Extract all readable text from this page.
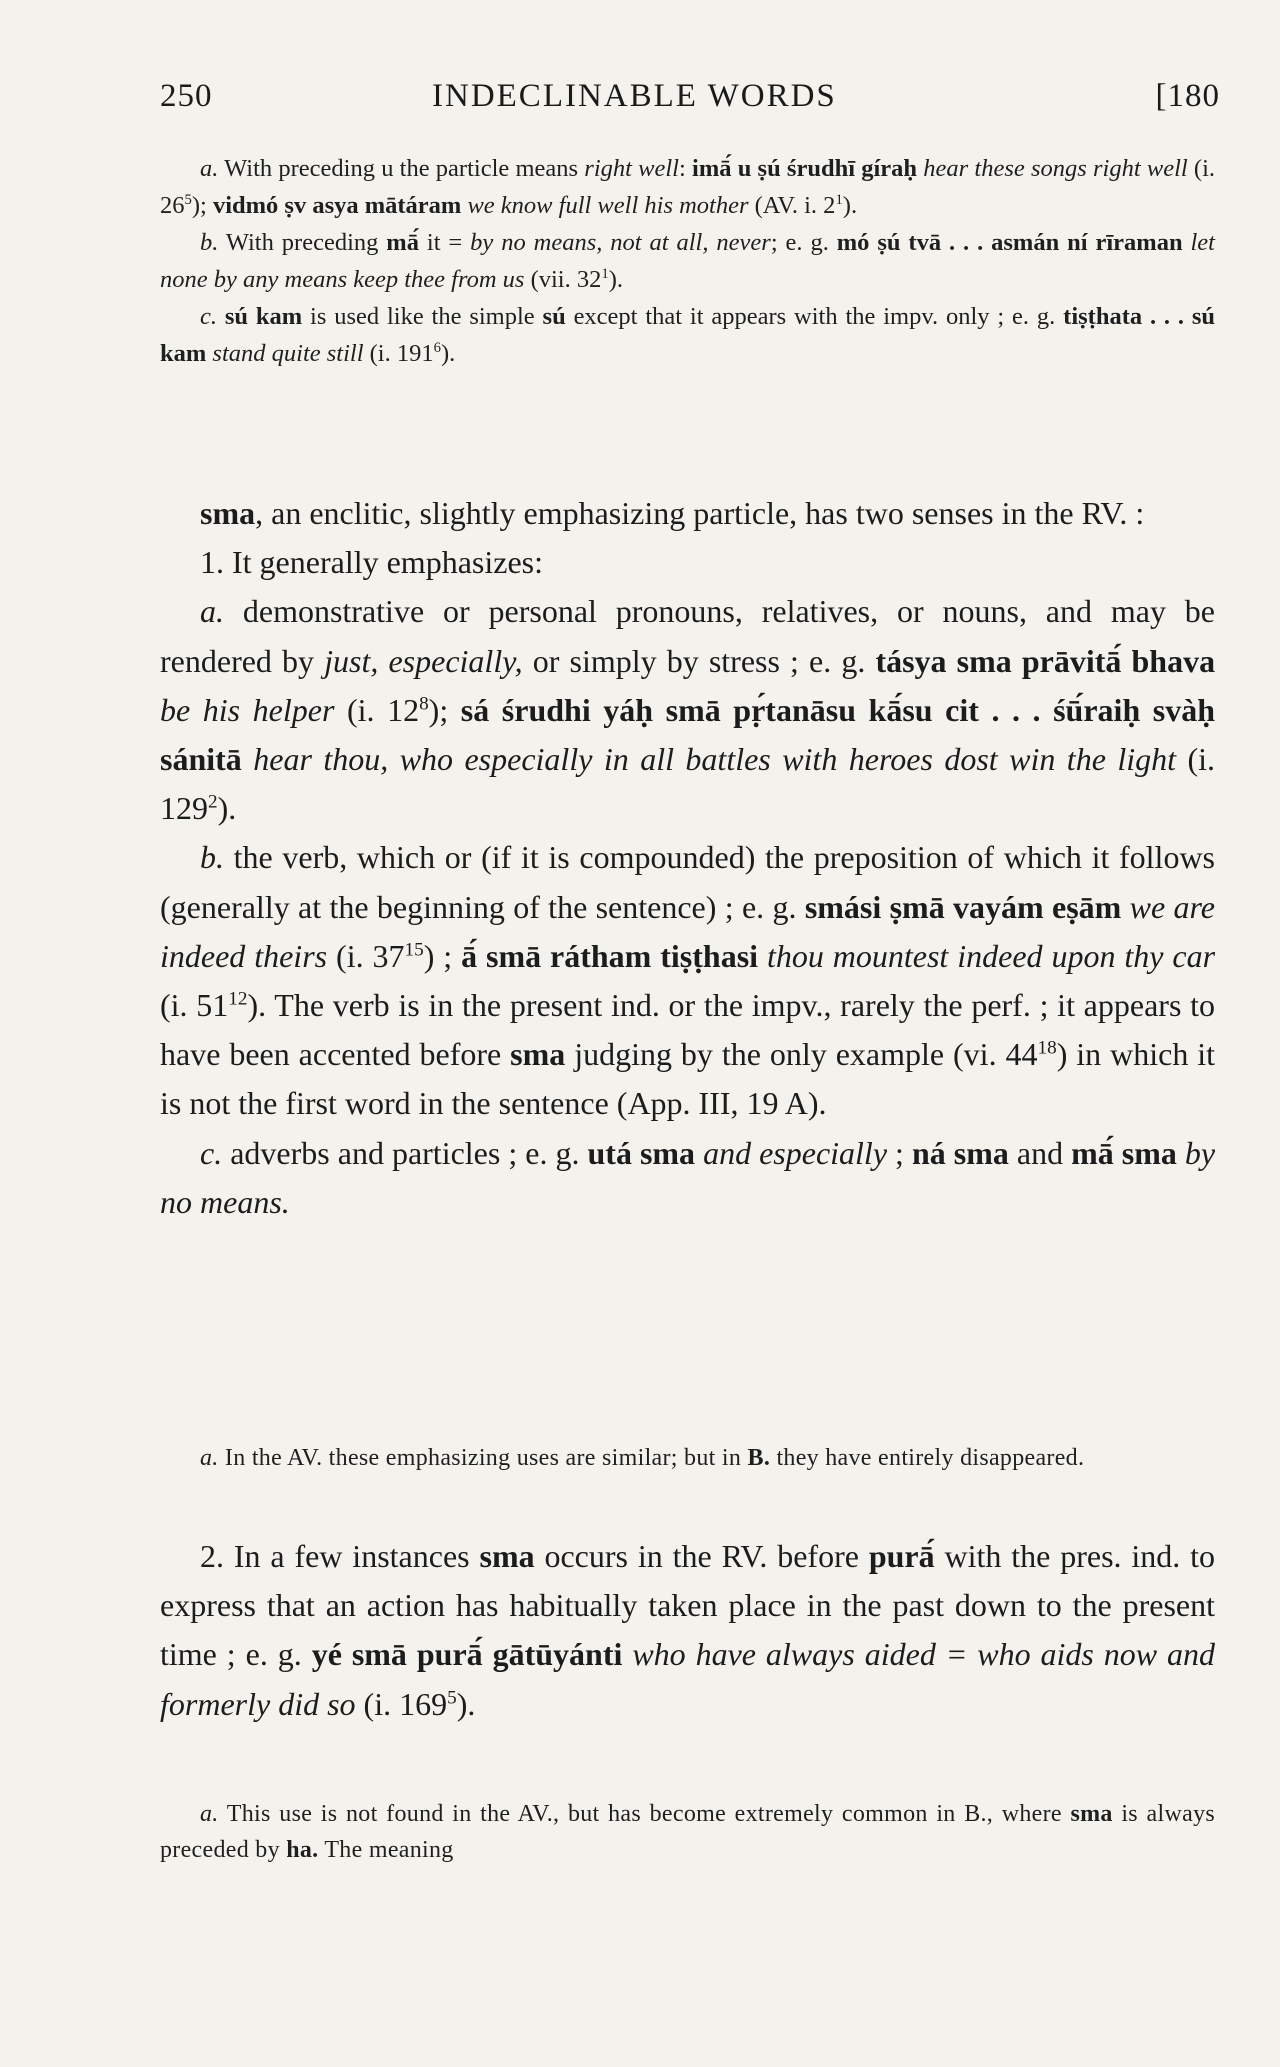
250	INDECLINABLE WORDS	[180

a. With preceding u the particle means right well: imā́ u ṣú śrudhī gíraḥ hear these songs right well (i. $26^5$); vidmó ṣv asya mātáram we know full well his mother (AV. i. $2^1$).

b. With preceding mā́ it = by no means, not at all, never; e. g. mó ṣú tvā . . . asmán ní rīraman let none by any means keep thee from us (vii. $32^1$).

c. sú kam is used like the simple sú except that it appears with the impv. only ; e. g. tiṣṭhata . . . sú kam stand quite still (i. $191^6$).

sma, an enclitic, slightly emphasizing particle, has two senses in the RV. :

1. It generally emphasizes:

a. demonstrative or personal pronouns, relatives, or nouns, and may be rendered by just, especially, or simply by stress ; e. g. tásya sma prāvitā́ bhava be his helper (i. $12^8$); sá śrudhi yáḥ smā pṛ́tanāsu kā́su cit . . . śū́raiḥ svàḥ sánitā hear thou, who especially in all battles with heroes dost win the light (i. $129^2$).

b. the verb, which or (if it is compounded) the preposition of which it follows (generally at the beginning of the sentence) ; e. g. smási ṣmā vayám eṣām we are indeed theirs (i. $37^{15}$) ; ā́ smā rátham tiṣṭhasi thou mountest indeed upon thy car (i. $51^{12}$). The verb is in the present ind. or the impv., rarely the perf. ; it appears to have been accented before sma judging by the only example (vi. $44^{18}$) in which it is not the first word in the sentence (App. III, 19 A).

c. adverbs and particles ; e. g. utá sma and especially ; ná sma and mā́ sma by no means.

a. In the AV. these emphasizing uses are similar; but in B. they have entirely disappeared.

2. In a few instances sma occurs in the RV. before purā́ with the pres. ind. to express that an action has habitually taken place in the past down to the present time ; e. g. yé smā purā́ gātūyánti who have always aided = who aids now and formerly did so (i. $169^5$).

a. This use is not found in the AV., but has become extremely common in B., where sma is always preceded by ha. The meaning
